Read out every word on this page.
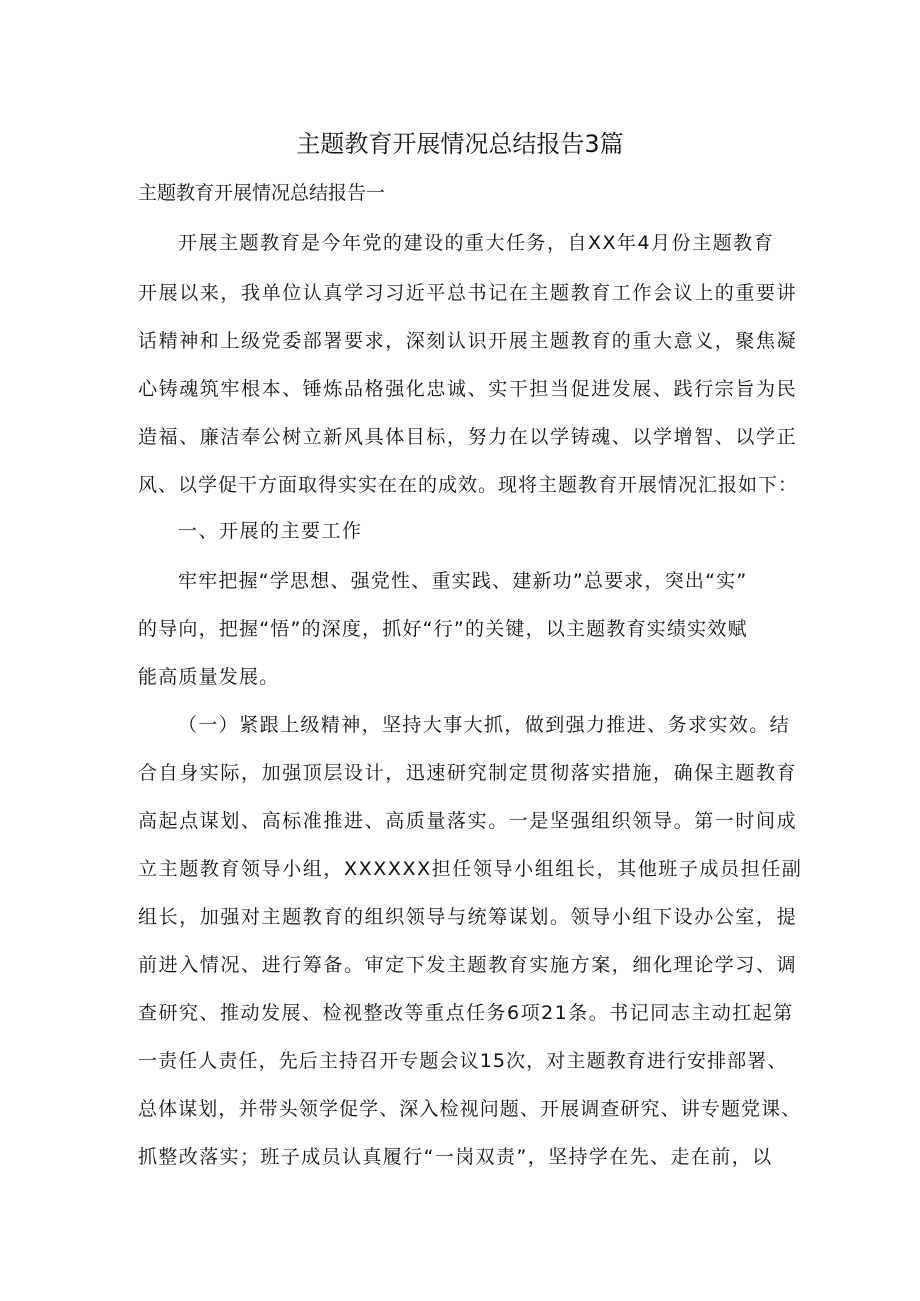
主题教育开展情况总结报告3篇
主题教育开展情况总结报告一
开展主题教育是今年党的建设的重大任务，自XX年4月份主题教育
开展以来，我单位认真学习习近平总书记在主题教育工作会议上的重要讲
话精神和上级党委部署要求，深刻认识开展主题教育的重大意义，聚焦凝
心铸魂筑牢根本、锤炼品格强化忠诚、实干担当促进发展、践行宗旨为民
造福、廉洁奉公树立新风具体目标，努力在以学铸魂、以学增智、以学正
风、以学促干方面取得实实在在的成效。现将主题教育开展情况汇报如下：
一、开展的主要工作
牢牢把握“学思想、强党性、重实践、建新功”总要求，突出“实”
的导向，把握“悟”的深度，抓好“行”的关键，以主题教育实绩实效赋
能高质量发展。
（一）紧跟上级精神，坚持大事大抓，做到强力推进、务求实效。结
合自身实际，加强顶层设计，迅速研究制定贯彻落实措施，确保主题教育
高起点谋划、高标准推进、高质量落实。一是坚强组织领导。第一时间成
立主题教育领导小组，XXXXXX担任领导小组组长，其他班子成员担任副
组长，加强对主题教育的组织领导与统筹谋划。领导小组下设办公室，提
前进入情况、进行筹备。审定下发主题教育实施方案，细化理论学习、调
查研究、推动发展、检视整改等重点任务6项21条。书记同志主动扛起第
一责任人责任，先后主持召开专题会议15次，对主题教育进行安排部署、
总体谋划，并带头领学促学、深入检视问题、开展调查研究、讲专题党课、
抓整改落实；班子成员认真履行“一岗双责”，坚持学在先、走在前，以
